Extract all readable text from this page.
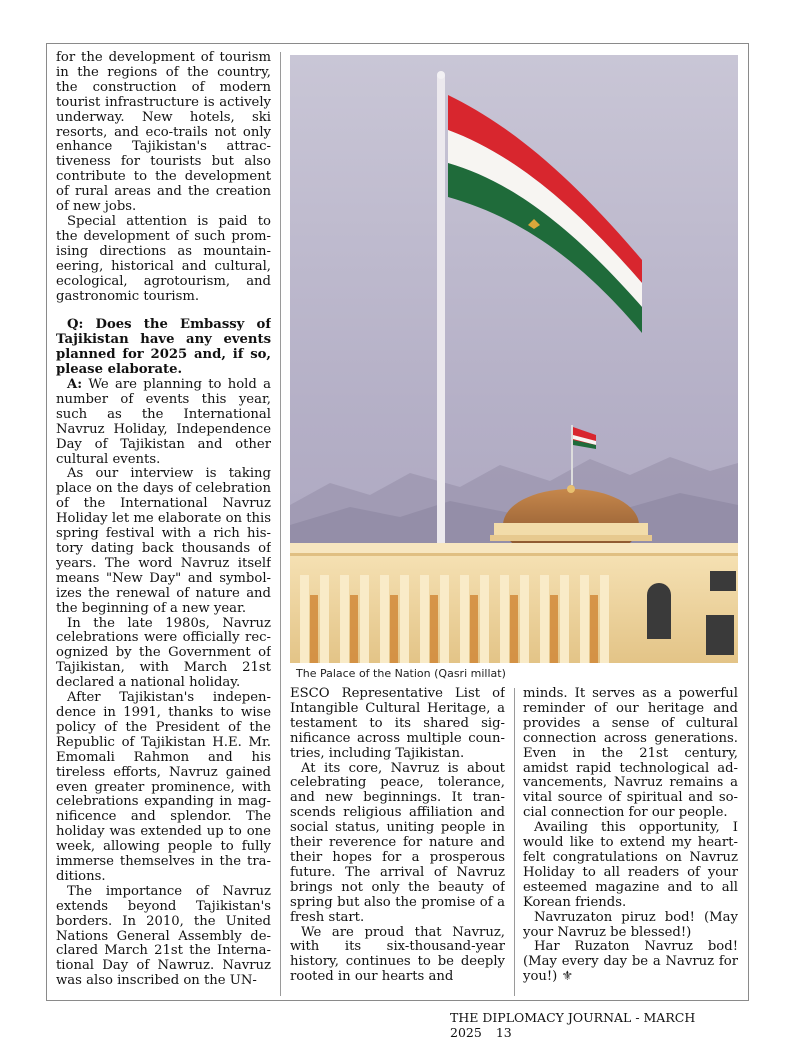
for the development of tourism in the regions of the country, the construction of modern tourist infrastructure is actively underway. New hotels, ski resorts, and eco-trails not only enhance Tajikistan's attractiveness for tourists but also contribute to the development of rural areas and the creation of new jobs.

Special attention is paid to the development of such promising directions as mountaineering, historical and cultural, ecological, agrotourism, and gastronomic tourism.

Q: Does the Embassy of Tajikistan have any events planned for 2025 and, if so, please elaborate.

A: We are planning to hold a number of events this year, such as the International Navruz Holiday, Independence Day of Tajikistan and other cultural events.

As our interview is taking place on the days of celebration of the International Navruz Holiday let me elaborate on this spring festival with a rich history dating back thousands of years. The word Navruz itself means "New Day" and symbolizes the renewal of nature and the beginning of a new year.

In the late 1980s, Navruz celebrations were officially recognized by the Government of Tajikistan, with March 21st declared a national holiday.

After Tajikistan's independence in 1991, thanks to wise policy of the President of the Republic of Tajikistan H.E. Mr. Emomali Rahmon and his tireless efforts, Navruz gained even greater prominence, with celebrations expanding in magnificence and splendor. The holiday was extended up to one week, allowing people to fully immerse themselves in the traditions.

The importance of Navruz extends beyond Tajikistan's borders. In 2010, the United Nations General Assembly declared March 21st the International Day of Nawruz. Navruz was also inscribed on the UN-

The Palace of the Nation (Qasri millat)

ESCO Representative List of Intangible Cultural Heritage, a testament to its shared significance across multiple countries, including Tajikistan.

At its core, Navruz is about celebrating peace, tolerance, and new beginnings. It transcends religious affiliation and social status, uniting people in their reverence for nature and their hopes for a prosperous future. The arrival of Navruz brings not only the beauty of spring but also the promise of a fresh start.

We are proud that Navruz, with its six-thousand-year history, continues to be deeply rooted in our hearts and

minds. It serves as a powerful reminder of our heritage and provides a sense of cultural connection across generations. Even in the 21st century, amidst rapid technological advancements, Navruz remains a vital source of spiritual and social connection for our people.

Availing this opportunity, I would like to extend my heartfelt congratulations on Navruz Holiday to all readers of your esteemed magazine and to all Korean friends.

Navruzaton piruz bod! (May your Navruz be blessed!)

Har Ruzaton Navruz bod! (May every day be a Navruz for you!) ⚜

THE DIPLOMACY JOURNAL - MARCH 2025 13
